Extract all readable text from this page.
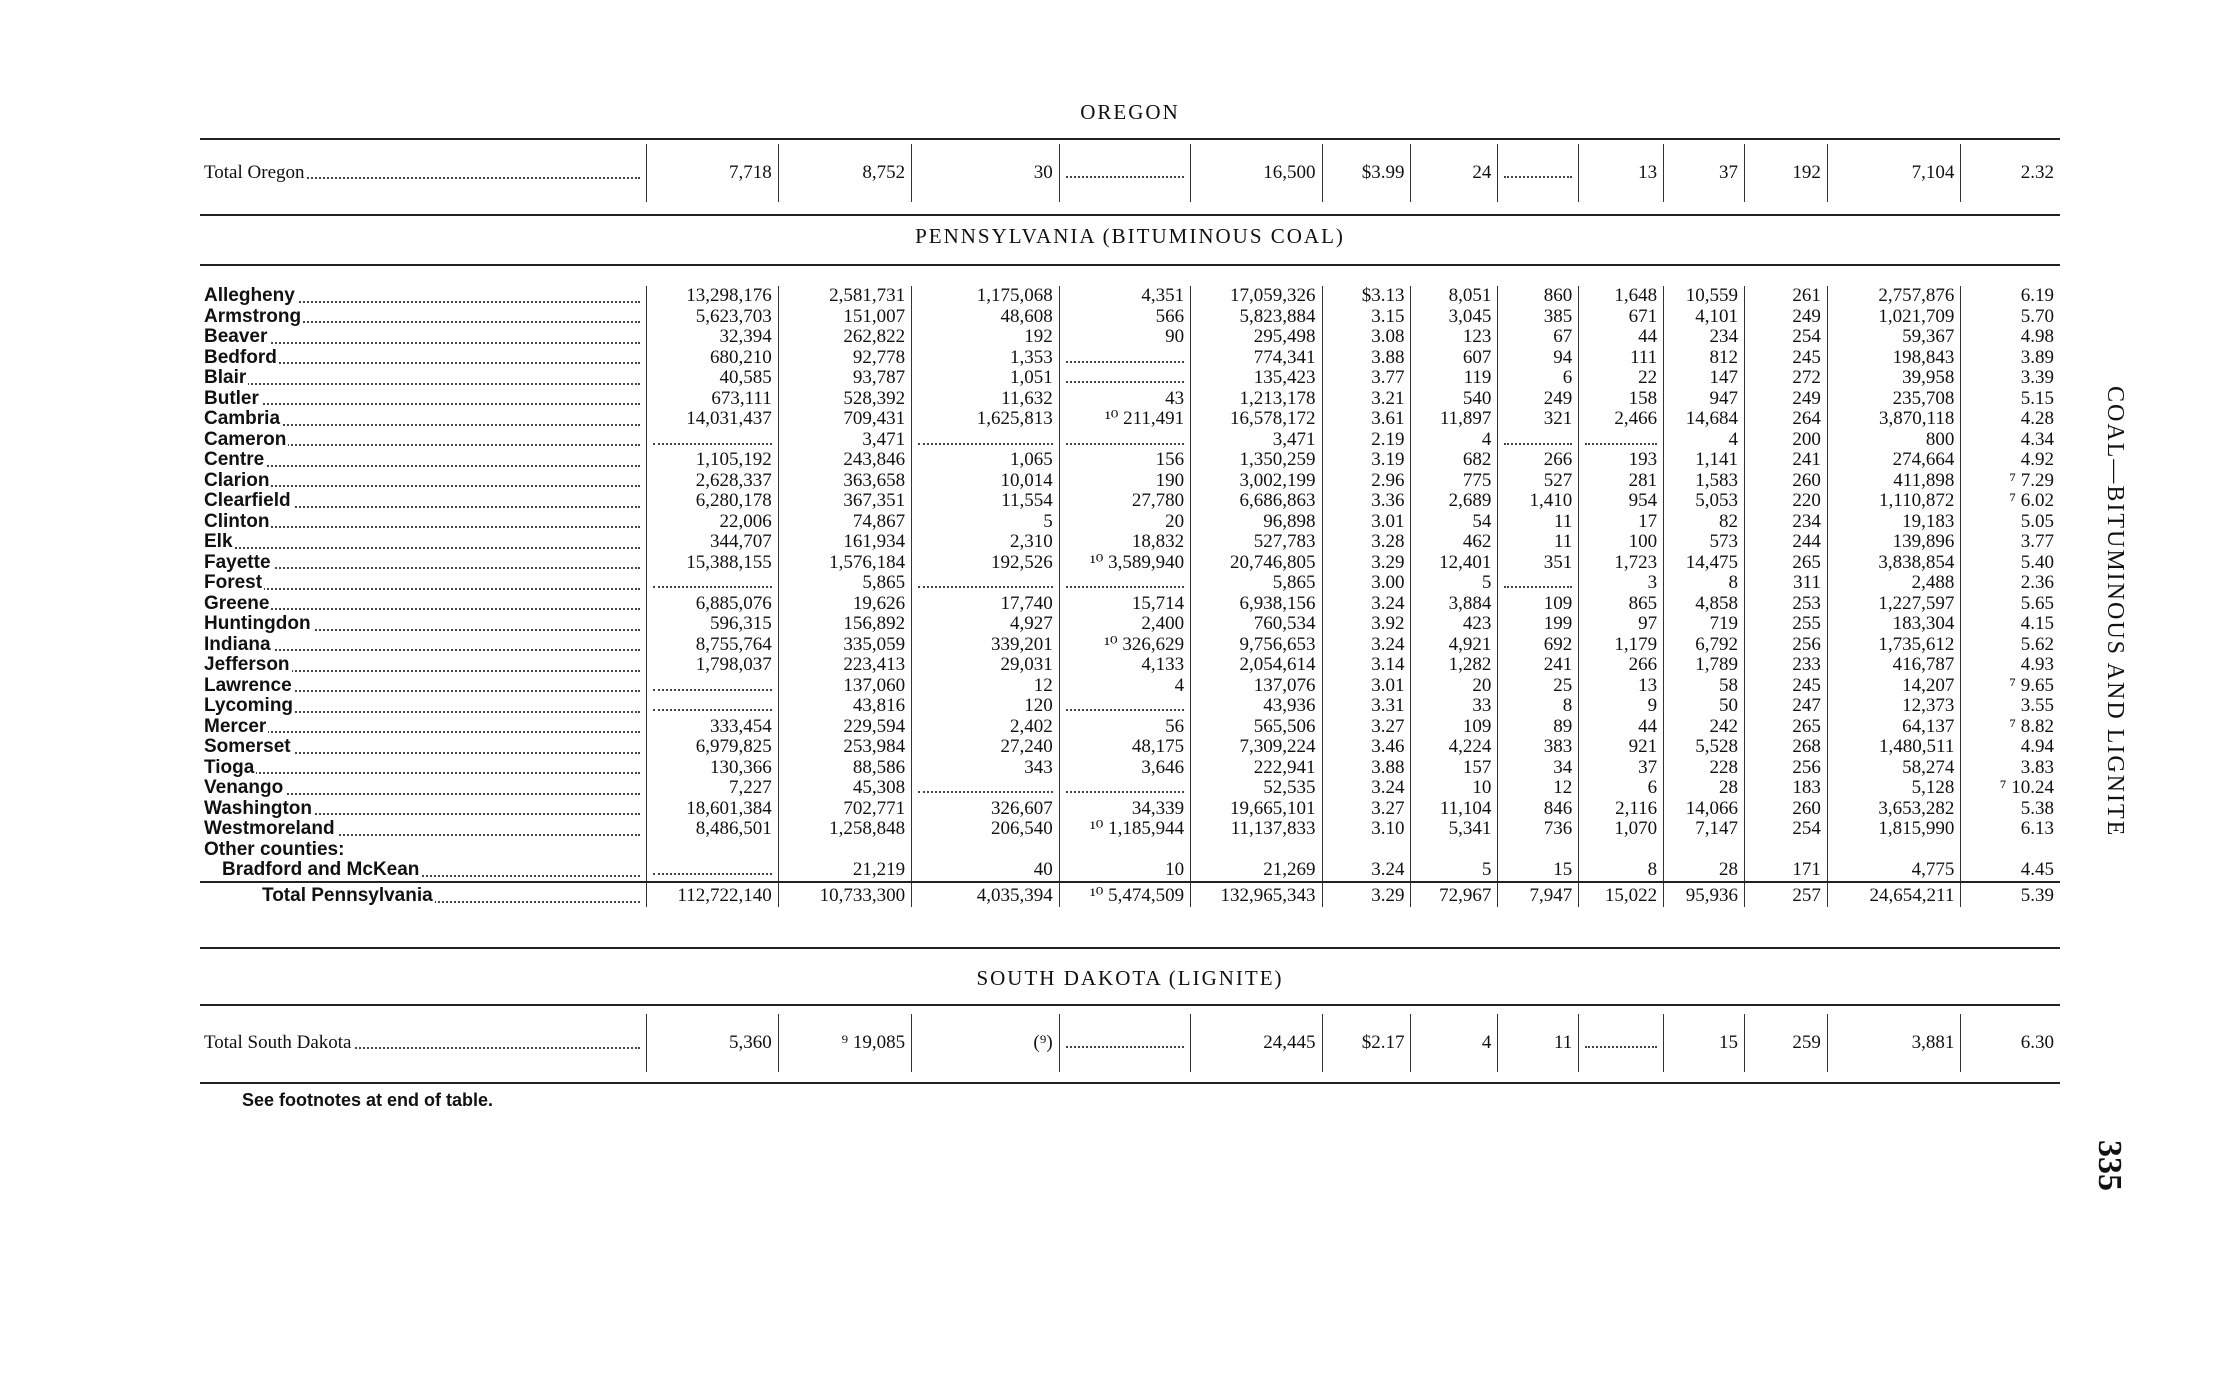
OREGON
Total Oregon	7,718	8,752	30		16,500	$3.99	24		13	37	192	7,104	2.32
PENNSYLVANIA (BITUMINOUS COAL)
Allegheny	13,298,176	2,581,731	1,175,068	4,351	17,059,326	$3.13	8,051	860	1,648	10,559	261	2,757,876	6.19

Armstrong	5,623,703	151,007	48,608	566	5,823,884	3.15	3,045	385	671	4,101	249	1,021,709	5.70

Beaver	32,394	262,822	192	90	295,498	3.08	123	67	44	234	254	59,367	4.98

Bedford	680,210	92,778	1,353		774,341	3.88	607	94	111	812	245	198,843	3.89

Blair	40,585	93,787	1,051		135,423	3.77	119	6	22	147	272	39,958	3.39

Butler	673,111	528,392	11,632	43	1,213,178	3.21	540	249	158	947	249	235,708	5.15

Cambria	14,031,437	709,431	1,625,813	¹⁰ 211,491	16,578,172	3.61	11,897	321	2,466	14,684	264	3,870,118	4.28

Cameron		3,471			3,471	2.19	4			4	200	800	4.34

Centre	1,105,192	243,846	1,065	156	1,350,259	3.19	682	266	193	1,141	241	274,664	4.92

Clarion	2,628,337	363,658	10,014	190	3,002,199	2.96	775	527	281	1,583	260	411,898	⁷ 7.29

Clearfield	6,280,178	367,351	11,554	27,780	6,686,863	3.36	2,689	1,410	954	5,053	220	1,110,872	⁷ 6.02

Clinton	22,006	74,867	5	20	96,898	3.01	54	11	17	82	234	19,183	5.05

Elk	344,707	161,934	2,310	18,832	527,783	3.28	462	11	100	573	244	139,896	3.77

Fayette	15,388,155	1,576,184	192,526	¹⁰ 3,589,940	20,746,805	3.29	12,401	351	1,723	14,475	265	3,838,854	5.40

Forest		5,865			5,865	3.00	5		3	8	311	2,488	2.36

Greene	6,885,076	19,626	17,740	15,714	6,938,156	3.24	3,884	109	865	4,858	253	1,227,597	5.65

Huntingdon	596,315	156,892	4,927	2,400	760,534	3.92	423	199	97	719	255	183,304	4.15

Indiana	8,755,764	335,059	339,201	¹⁰ 326,629	9,756,653	3.24	4,921	692	1,179	6,792	256	1,735,612	5.62

Jefferson	1,798,037	223,413	29,031	4,133	2,054,614	3.14	1,282	241	266	1,789	233	416,787	4.93

Lawrence		137,060	12	4	137,076	3.01	20	25	13	58	245	14,207	⁷ 9.65

Lycoming		43,816	120		43,936	3.31	33	8	9	50	247	12,373	3.55

Mercer	333,454	229,594	2,402	56	565,506	3.27	109	89	44	242	265	64,137	⁷ 8.82

Somerset	6,979,825	253,984	27,240	48,175	7,309,224	3.46	4,224	383	921	5,528	268	1,480,511	4.94

Tioga	130,366	88,586	343	3,646	222,941	3.88	157	34	37	228	256	58,274	3.83

Venango	7,227	45,308			52,535	3.24	10	12	6	28	183	5,128	⁷ 10.24

Washington	18,601,384	702,771	326,607	34,339	19,665,101	3.27	11,104	846	2,116	14,066	260	3,653,282	5.38

Westmoreland	8,486,501	1,258,848	206,540	¹⁰ 1,185,944	11,137,833	3.10	5,341	736	1,070	7,147	254	1,815,990	6.13
Other counties:													

Bradford and McKean		21,219	40	10	21,269	3.24	5	15	8	28	171	4,775	4.45

Total Pennsylvania	112,722,140	10,733,300	4,035,394	¹⁰ 5,474,509	132,965,343	3.29	72,967	7,947	15,022	95,936	257	24,654,211	5.39
SOUTH DAKOTA (LIGNITE)
Total South Dakota	5,360	⁹ 19,085	(⁹)		24,445	$2.17	4	11		15	259	3,881	6.30
See footnotes at end of table.
COAL—BITUMINOUS AND LIGNITE
335
